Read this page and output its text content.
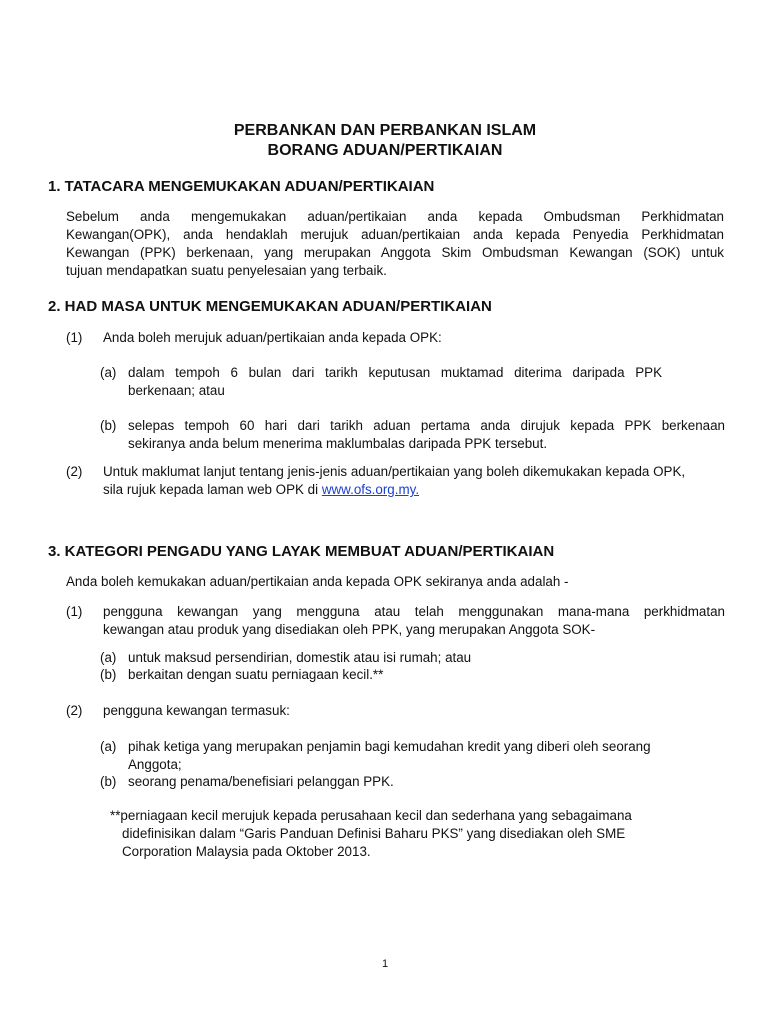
PERBANKAN DAN PERBANKAN ISLAM
BORANG ADUAN/PERTIKAIAN
1. TATACARA MENGEMUKAKAN ADUAN/PERTIKAIAN
Sebelum anda mengemukakan aduan/pertikaian anda kepada Ombudsman Perkhidmatan
Kewangan(OPK), anda hendaklah merujuk aduan/pertikaian anda kepada Penyedia Perkhidmatan
Kewangan (PPK) berkenaan, yang merupakan Anggota Skim Ombudsman Kewangan (SOK) untuk
tujuan mendapatkan suatu penyelesaian yang terbaik.
2. HAD MASA UNTUK MENGEMUKAKAN ADUAN/PERTIKAIAN
(1) Anda boleh merujuk aduan/pertikaian anda kepada OPK:
(a) dalam tempoh 6 bulan dari tarikh keputusan muktamad diterima daripada PPK
berkenaan; atau
(b) selepas tempoh 60 hari dari tarikh aduan pertama anda dirujuk kepada PPK berkenaan
sekiranya anda belum menerima maklumbalas daripada PPK tersebut.
(2) Untuk maklumat lanjut tentang jenis-jenis aduan/pertikaian yang boleh dikemukakan kepada OPK,
sila rujuk kepada laman web OPK di www.ofs.org.my.
3. KATEGORI PENGADU YANG LAYAK MEMBUAT ADUAN/PERTIKAIAN
Anda boleh kemukakan aduan/pertikaian anda kepada OPK sekiranya anda adalah -
(1) pengguna kewangan yang mengguna atau telah menggunakan mana-mana perkhidmatan
kewangan atau produk yang disediakan oleh PPK, yang merupakan Anggota SOK-
(a) untuk maksud persendirian, domestik atau isi rumah; atau
(b) berkaitan dengan suatu perniagaan kecil.**
(2) pengguna kewangan termasuk:
(a) pihak ketiga yang merupakan penjamin bagi kemudahan kredit yang diberi oleh seorang
Anggota;
(b) seorang penama/benefisiari pelanggan PPK.
**perniagaan kecil merujuk kepada perusahaan kecil dan sederhana yang sebagaimana
didefinisikan dalam “Garis Panduan Definisi Baharu PKS” yang disediakan oleh SME
Corporation Malaysia pada Oktober 2013.
1
